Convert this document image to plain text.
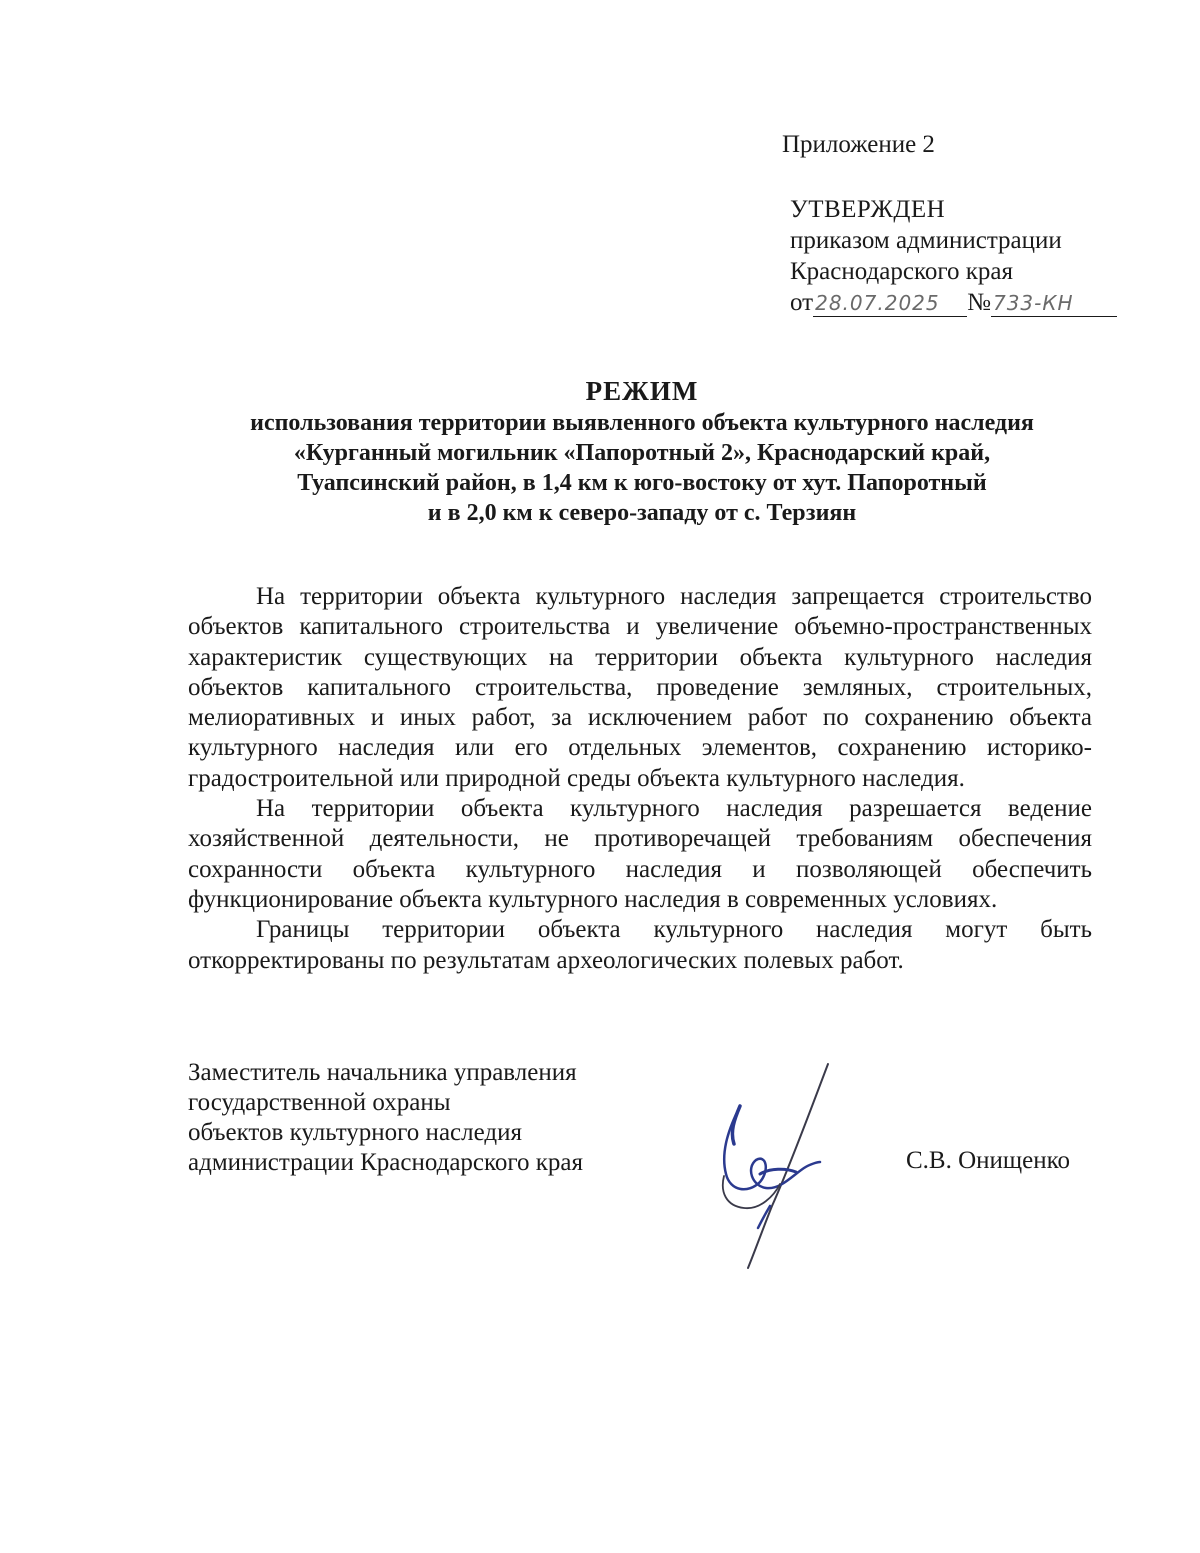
Приложение 2
УТВЕРЖДЕН
приказом администрации
Краснодарского края
от 28.07.2025 № 733-КН
РЕЖИМ
использования территории выявленного объекта культурного наследия
«Курганный могильник «Папоротный 2», Краснодарский край,
Туапсинский район, в 1,4 км к юго-востоку от хут. Папоротный
и в 2,0 км к северо-западу от с. Терзиян

На территории объекта культурного наследия запрещается строительство объектов капитального строительства и увеличение объемно-пространственных характеристик существующих на территории объекта культурного наследия объектов капитального строительства, проведение земляных, строительных, мелиоративных и иных работ, за исключением работ по сохранению объекта культурного наследия или его отдельных элементов, сохранению историко-градостроительной или природной среды объекта культурного наследия.

На территории объекта культурного наследия разрешается ведение хозяйственной деятельности, не противоречащей требованиям обеспечения сохранности объекта культурного наследия и позволяющей обеспечить функционирование объекта культурного наследия в современных условиях.

Границы территории объекта культурного наследия могут быть откорректированы по результатам археологических полевых работ.

Заместитель начальника управления
государственной охраны
объектов культурного наследия
администрации Краснодарского края	С.В. Онищенко
